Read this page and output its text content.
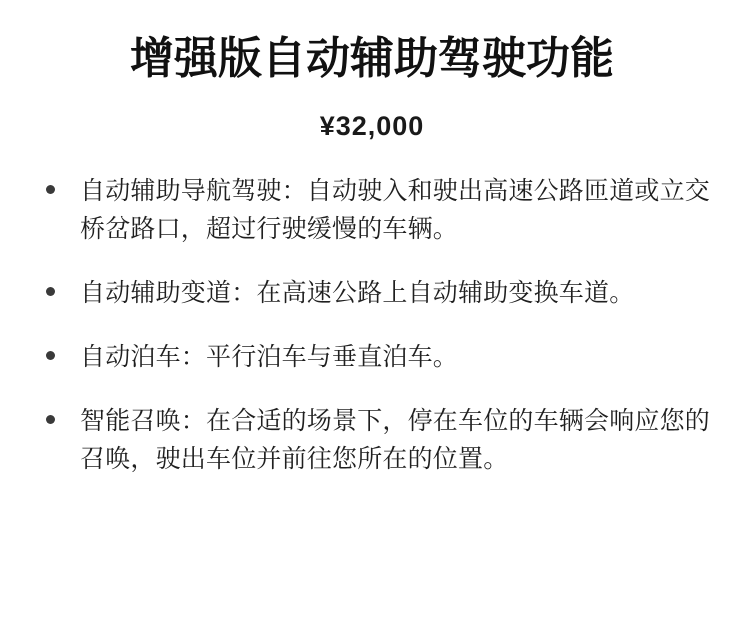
增强版自动辅助驾驶功能
¥32,000
自动辅助导航驾驶：自动驶入和驶出高速公路匝道或立交桥岔路口，超过行驶缓慢的车辆。
自动辅助变道：在高速公路上自动辅助变换车道。
自动泊车：平行泊车与垂直泊车。
智能召唤：在合适的场景下，停在车位的车辆会响应您的召唤，驶出车位并前往您所在的位置。
